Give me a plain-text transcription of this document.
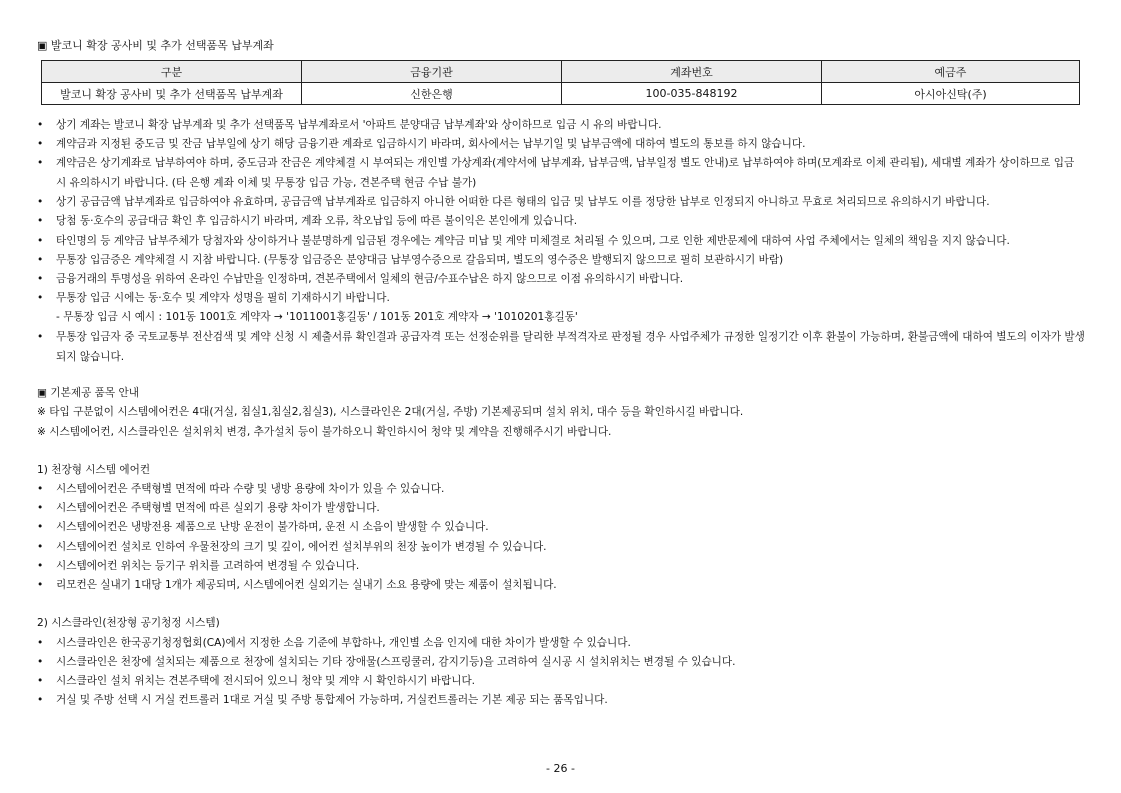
▣ 발코니 확장 공사비 및 추가 선택품목 납부계좌
구분	금융기관	계좌번호	예금주
발코니 확장 공사비 및 추가 선택품목 납부계좌	신한은행	100-035-848192	아시아신탁(주)
•	상기 계좌는 발코니 확장 납부계좌 및 추가 선택품목 납부계좌로서 '아파트 분양대금 납부계좌'와 상이하므로 입금 시 유의 바랍니다.
•	계약금과 지정된 중도금 및 잔금 납부일에 상기 해당 금융기관 계좌로 입금하시기 바라며, 회사에서는 납부기일 및 납부금액에 대하여 별도의 통보를 하지 않습니다.
•	계약금은 상기계좌로 납부하여야 하며, 중도금과 잔금은 계약체결 시 부여되는 개인별 가상계좌(계약서에 납부계좌, 납부금액, 납부일정 별도 안내)로 납부하여야 하며(모계좌로 이체 관리됨), 세대별 계좌가 상이하므로 입금 시 유의하시기 바랍니다. (타 은행 계좌 이체 및 무통장 입금 가능, 견본주택 현금 수납 불가)
•	상기 공급금액 납부계좌로 입금하여야 유효하며, 공급금액 납부계좌로 입금하지 아니한 어떠한 다른 형태의 입금 및 납부도 이를 정당한 납부로 인정되지 아니하고 무효로 처리되므로 유의하시기 바랍니다.
•	당첨 동·호수의 공급대금 확인 후 입금하시기 바라며, 계좌 오류, 착오납입 등에 따른 불이익은 본인에게 있습니다.
•	타인명의 등 계약금 납부주체가 당첨자와 상이하거나 불분명하게 입금된 경우에는 계약금 미납 및 계약 미체결로 처리될 수 있으며, 그로 인한 제반문제에 대하여 사업 주체에서는 일체의 책임을 지지 않습니다.
•	무통장 입금증은 계약체결 시 지참 바랍니다. (무통장 입금증은 분양대금 납부영수증으로 갈음되며, 별도의 영수증은 발행되지 않으므로 필히 보관하시기 바람)
•	금융거래의 투명성을 위하여 온라인 수납만을 인정하며, 견본주택에서 일체의 현금/수표수납은 하지 않으므로 이점 유의하시기 바랍니다.
•	무통장 입금 시에는 동·호수 및 계약자 성명을 필히 기재하시기 바랍니다.
- 무통장 입금 시 예시 : 101동 1001호 계약자 → '1011001홍길동' / 101동 201호 계약자 → '1010201홍길동'
•	무통장 입금자 중 국토교통부 전산검색 및 계약 신청 시 제출서류 확인결과 공급자격 또는 선정순위를 달리한 부적격자로 판정될 경우 사업주체가 규정한 일정기간 이후 환불이 가능하며, 환불금액에 대하여 별도의 이자가 발생되지 않습니다.
▣ 기본제공 품목 안내
※ 타입 구분없이 시스템에어컨은 4대(거실, 침실1,침실2,침실3), 시스클라인은 2대(거실, 주방) 기본제공되며 설치 위치, 대수 등을 확인하시길 바랍니다.
※ 시스템에어컨, 시스클라인은 설치위치 변경, 추가설치 등이 불가하오니 확인하시어 청약 및 계약을 진행해주시기 바랍니다.
1) 천장형 시스템 에어컨
•	시스템에어컨은 주택형별 면적에 따라 수량 및 냉방 용량에 차이가 있을 수 있습니다.
•	시스템에어컨은 주택형별 면적에 따른 실외기 용량 차이가 발생합니다.
•	시스템에어컨은 냉방전용 제품으로 난방 운전이 불가하며, 운전 시 소음이 발생할 수 있습니다.
•	시스템에어컨 설치로 인하여 우물천장의 크기 및 깊이, 에어컨 설치부위의 천장 높이가 변경될 수 있습니다.
•	시스템에어컨 위치는 등기구 위치를 고려하여 변경될 수 있습니다.
•	리모컨은 실내기 1대당 1개가 제공되며, 시스템에어컨 실외기는 실내기 소요 용량에 맞는 제품이 설치됩니다.
2) 시스클라인(천장형 공기청정 시스템)
•	시스클라인은 한국공기청정협회(CA)에서 지정한 소음 기준에 부합하나, 개인별 소음 인지에 대한 차이가 발생할 수 있습니다.
•	시스클라인은 천장에 설치되는 제품으로 천장에 설치되는 기타 장애물(스프링쿨러, 감지기등)을 고려하여 실시공 시 설치위치는 변경될 수 있습니다.
•	시스클라인 설치 위치는 견본주택에 전시되어 있으니 청약 및 계약 시 확인하시기 바랍니다.
•	거실 및 주방 선택 시 거실 컨트롤러 1대로 거실 및 주방 통합제어 가능하며, 거실컨트롤러는 기본 제공 되는 품목입니다.
- 26 -
